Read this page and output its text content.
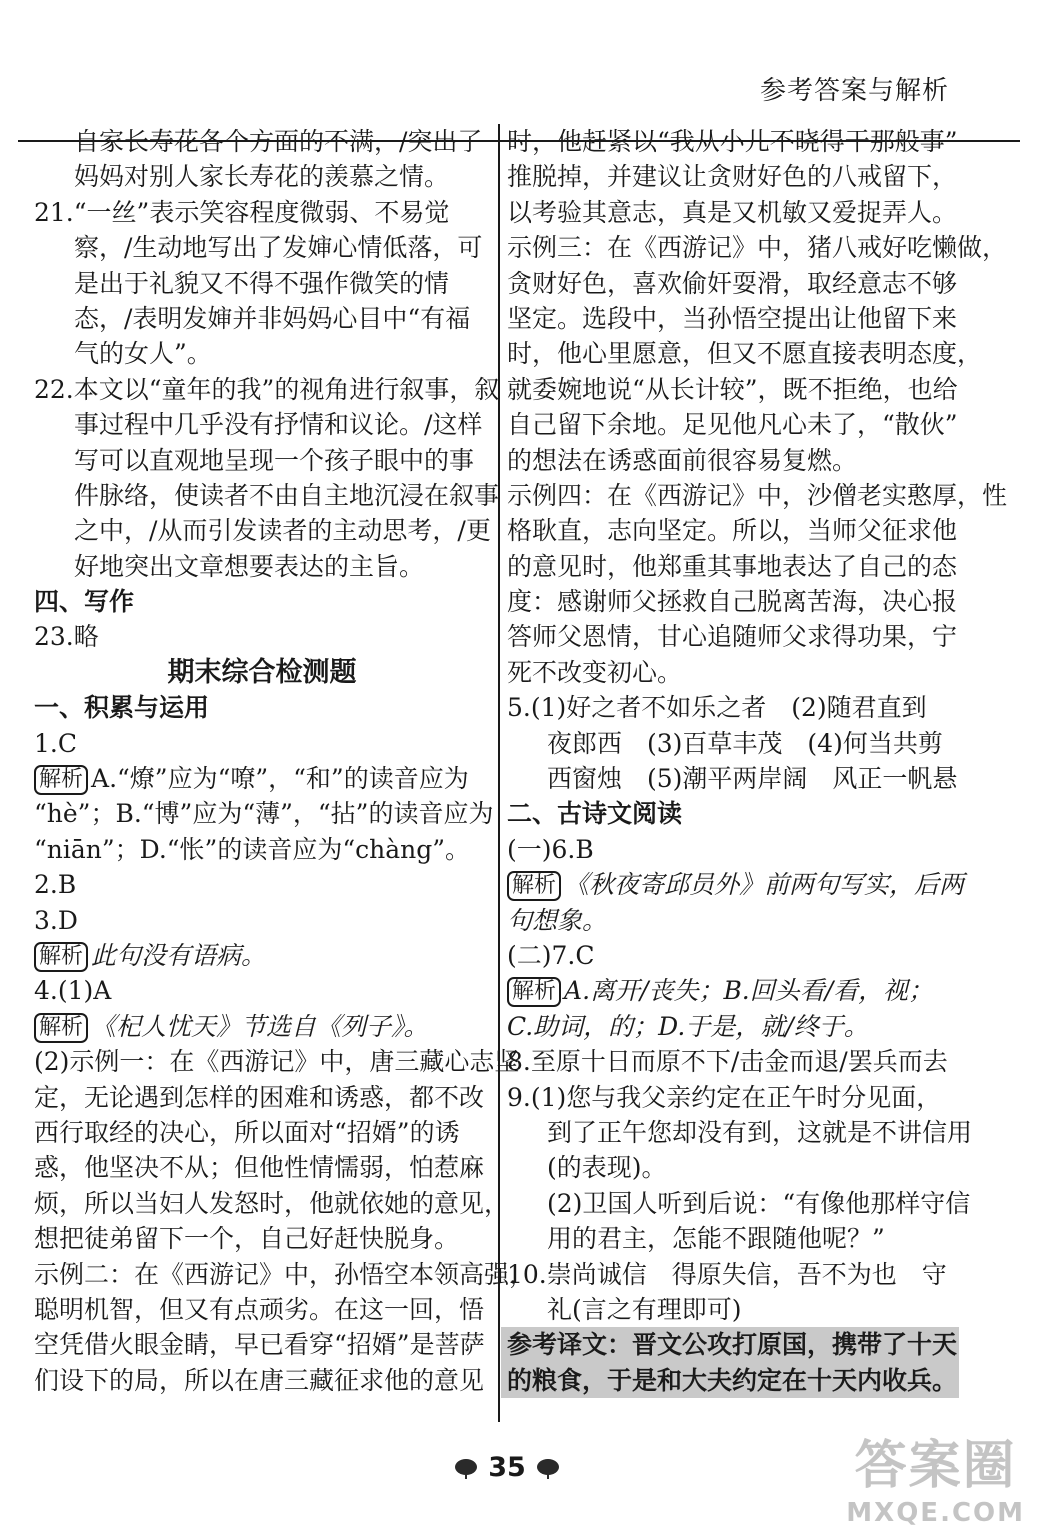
参考答案与解析
自家长寿花各个方面的不满，/突出了
妈妈对别人家长寿花的羡慕之情。
21.“一丝”表示笑容程度微弱、不易觉
察，/生动地写出了发婶心情低落，可
是出于礼貌又不得不强作微笑的情
态，/表明发婶并非妈妈心目中“有福
气的女人”。
22.本文以“童年的我”的视角进行叙事，叙
事过程中几乎没有抒情和议论。/这样
写可以直观地呈现一个孩子眼中的事
件脉络，使读者不由自主地沉浸在叙事
之中，/从而引发读者的主动思考，/更
好地突出文章想要表达的主旨。
四、写作
23.略
期末综合检测题
一、积累与运用
1.C
解析 A.“燎”应为“嘹”，“和”的读音应为
“hè”；B.“博”应为“薄”，“拈”的读音应为
“niān”；D.“怅”的读音应为“chàng”。
2.B
3.D
解析 此句没有语病。
4.(1)A
解析 《杞人忧天》节选自《列子》。
(2)示例一：在《西游记》中，唐三藏心志坚
定，无论遇到怎样的困难和诱惑，都不改
西行取经的决心，所以面对“招婿”的诱
惑，他坚决不从；但他性情懦弱，怕惹麻
烦，所以当妇人发怒时，他就依她的意见，
想把徒弟留下一个，自己好赶快脱身。
示例二：在《西游记》中，孙悟空本领高强，
聪明机智，但又有点顽劣。在这一回，悟
空凭借火眼金睛，早已看穿“招婿”是菩萨
们设下的局，所以在唐三藏征求他的意见
时，他赶紧以“我从小儿不晓得干那般事”
推脱掉，并建议让贪财好色的八戒留下，
以考验其意志，真是又机敏又爱捉弄人。
示例三：在《西游记》中，猪八戒好吃懒做，
贪财好色，喜欢偷奸耍滑，取经意志不够
坚定。选段中，当孙悟空提出让他留下来
时，他心里愿意，但又不愿直接表明态度，
就委婉地说“从长计较”，既不拒绝，也给
自己留下余地。足见他凡心未了，“散伙”
的想法在诱惑面前很容易复燃。
示例四：在《西游记》中，沙僧老实憨厚，性
格耿直，志向坚定。所以，当师父征求他
的意见时，他郑重其事地表达了自己的态
度：感谢师父拯救自己脱离苦海，决心报
答师父恩情，甘心追随师父求得功果，宁
死不改变初心。
5.(1)好之者不如乐之者　(2)随君直到
夜郎西　(3)百草丰茂　(4)何当共剪
西窗烛　(5)潮平两岸阔　风正一帆悬
二、古诗文阅读
(一)6.B
解析 《秋夜寄邱员外》前两句写实，后两
句想象。
(二)7.C
解析 A.离开/丧失；B.回头看/看，视；
C.助词，的；D.于是，就/终于。
8.至原十日而原不下/击金而退/罢兵而去
9.(1)您与我父亲约定在正午时分见面，
到了正午您却没有到，这就是不讲信用
(的表现)。
(2)卫国人听到后说：“有像他那样守信
用的君主，怎能不跟随他呢？”
10.崇尚诚信　得原失信，吾不为也　守
礼(言之有理即可)
参考译文：晋文公攻打原国，携带了十天
的粮食，于是和大夫约定在十天内收兵。
35	答案圈
MXQE.COM
